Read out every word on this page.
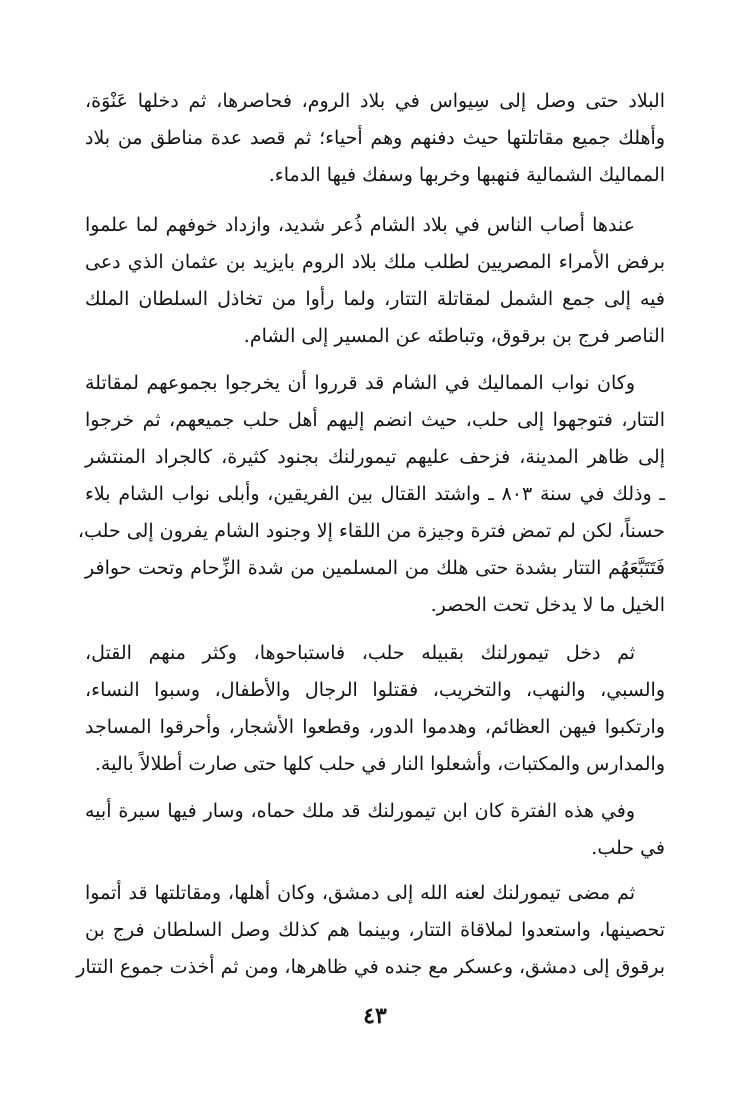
البلاد حتى وصل إلى سِيواس في بلاد الروم، فحاصرها، ثم دخلها عَنْوَة،
وأهلك جميع مقاتلتها حيث دفنهم وهم أحياء؛ ثم قصد عدة مناطق من بلاد
المماليك الشمالية فنهبها وخربها وسفك فيها الدماء.
عندها أصاب الناس في بلاد الشام ذُعر شديد، وازداد خوفهم لما علموا
برفض الأمراء المصريين لطلب ملك بلاد الروم بايزيد بن عثمان الذي دعى
فيه إلى جمع الشمل لمقاتلة التتار، ولما رأوا من تخاذل السلطان الملك
الناصر فرج بن برقوق، وتباطئه عن المسير إلى الشام.
وكان نواب المماليك في الشام قد قرروا أن يخرجوا بجموعهم لمقاتلة
التتار، فتوجهوا إلى حلب، حيث انضم إليهم أهل حلب جميعهم، ثم خرجوا
إلى ظاهر المدينة، فزحف عليهم تيمورلنك بجنود كثيرة، كالجراد المنتشر
ـ وذلك في سنة ٨٠٣ ـ واشتد القتال بين الفريقين، وأبلى نواب الشام بلاء
حسناً، لكن لم تمض فترة وجيزة من اللقاء إلا وجنود الشام يفرون إلى حلب،
فَتَتَبَّعَهُم التتار بشدة حتى هلك من المسلمين من شدة الزِّحام وتحت حوافر
الخيل ما لا يدخل تحت الحصر.
ثم دخل تيمورلنك بقبيله حلب، فاستباحوها، وكثر منهم القتل،
والسبي، والنهب، والتخريب، فقتلوا الرجال والأطفال، وسبوا النساء،
وارتكبوا فيهن العظائم، وهدموا الدور، وقطعوا الأشجار، وأحرقوا المساجد
والمدارس والمكتبات، وأشعلوا النار في حلب كلها حتى صارت أطلالاً بالية.
وفي هذه الفترة كان ابن تيمورلنك قد ملك حماه، وسار فيها سيرة أبيه
في حلب.
ثم مضى تيمورلنك لعنه الله إلى دمشق، وكان أهلها، ومقاتلتها قد أتموا
تحصينها، واستعدوا لملاقاة التتار، وبينما هم كذلك وصل السلطان فرج بن
برقوق إلى دمشق، وعسكر مع جنده في ظاهرها، ومن ثم أخذت جموع التتار
٤٣
